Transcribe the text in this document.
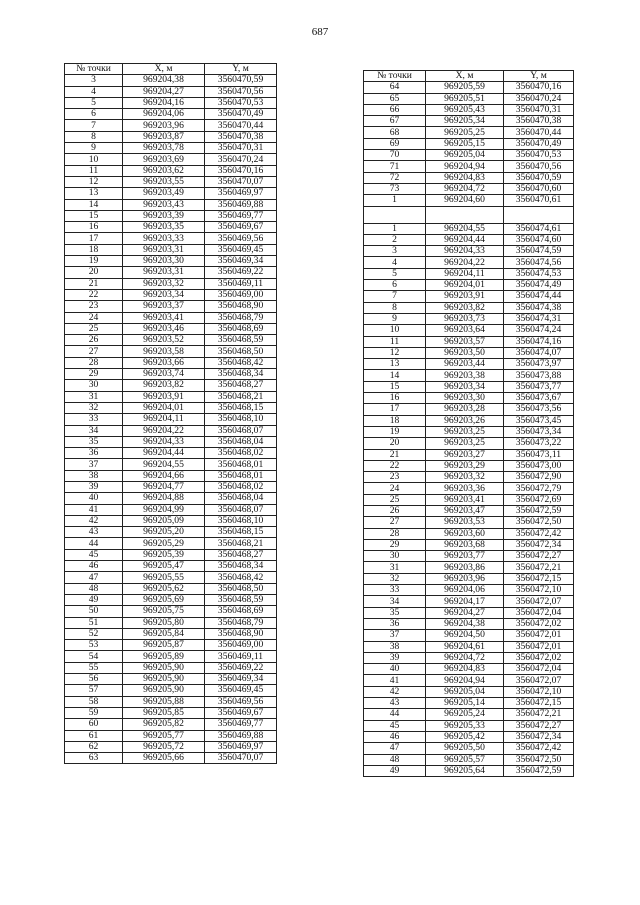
687
№ точки	X, м	Y, м
3	969204,38	3560470,59
4	969204,27	3560470,56
5	969204,16	3560470,53
6	969204,06	3560470,49
7	969203,96	3560470,44
8	969203,87	3560470,38
9	969203,78	3560470,31
10	969203,69	3560470,24
11	969203,62	3560470,16
12	969203,55	3560470,07
13	969203,49	3560469,97
14	969203,43	3560469,88
15	969203,39	3560469,77
16	969203,35	3560469,67
17	969203,33	3560469,56
18	969203,31	3560469,45
19	969203,30	3560469,34
20	969203,31	3560469,22
21	969203,32	3560469,11
22	969203,34	3560469,00
23	969203,37	3560468,90
24	969203,41	3560468,79
25	969203,46	3560468,69
26	969203,52	3560468,59
27	969203,58	3560468,50
28	969203,66	3560468,42
29	969203,74	3560468,34
30	969203,82	3560468,27
31	969203,91	3560468,21
32	969204,01	3560468,15
33	969204,11	3560468,10
34	969204,22	3560468,07
35	969204,33	3560468,04
36	969204,44	3560468,02
37	969204,55	3560468,01
38	969204,66	3560468,01
39	969204,77	3560468,02
40	969204,88	3560468,04
41	969204,99	3560468,07
42	969205,09	3560468,10
43	969205,20	3560468,15
44	969205,29	3560468,21
45	969205,39	3560468,27
46	969205,47	3560468,34
47	969205,55	3560468,42
48	969205,62	3560468,50
49	969205,69	3560468,59
50	969205,75	3560468,69
51	969205,80	3560468,79
52	969205,84	3560468,90
53	969205,87	3560469,00
54	969205,89	3560469,11
55	969205,90	3560469,22
56	969205,90	3560469,34
57	969205,90	3560469,45
58	969205,88	3560469,56
59	969205,85	3560469,67
60	969205,82	3560469,77
61	969205,77	3560469,88
62	969205,72	3560469,97
63	969205,66	3560470,07
№ точки	X, м	Y, м
64	969205,59	3560470,16
65	969205,51	3560470,24
66	969205,43	3560470,31
67	969205,34	3560470,38
68	969205,25	3560470,44
69	969205,15	3560470,49
70	969205,04	3560470,53
71	969204,94	3560470,56
72	969204,83	3560470,59
73	969204,72	3560470,60
1	969204,60	3560470,61

1	969204,55	3560474,61
2	969204,44	3560474,60
3	969204,33	3560474,59
4	969204,22	3560474,56
5	969204,11	3560474,53
6	969204,01	3560474,49
7	969203,91	3560474,44
8	969203,82	3560474,38
9	969203,73	3560474,31
10	969203,64	3560474,24
11	969203,57	3560474,16
12	969203,50	3560474,07
13	969203,44	3560473,97
14	969203,38	3560473,88
15	969203,34	3560473,77
16	969203,30	3560473,67
17	969203,28	3560473,56
18	969203,26	3560473,45
19	969203,25	3560473,34
20	969203,25	3560473,22
21	969203,27	3560473,11
22	969203,29	3560473,00
23	969203,32	3560472,90
24	969203,36	3560472,79
25	969203,41	3560472,69
26	969203,47	3560472,59
27	969203,53	3560472,50
28	969203,60	3560472,42
29	969203,68	3560472,34
30	969203,77	3560472,27
31	969203,86	3560472,21
32	969203,96	3560472,15
33	969204,06	3560472,10
34	969204,17	3560472,07
35	969204,27	3560472,04
36	969204,38	3560472,02
37	969204,50	3560472,01
38	969204,61	3560472,01
39	969204,72	3560472,02
40	969204,83	3560472,04
41	969204,94	3560472,07
42	969205,04	3560472,10
43	969205,14	3560472,15
44	969205,24	3560472,21
45	969205,33	3560472,27
46	969205,42	3560472,34
47	969205,50	3560472,42
48	969205,57	3560472,50
49	969205,64	3560472,59
